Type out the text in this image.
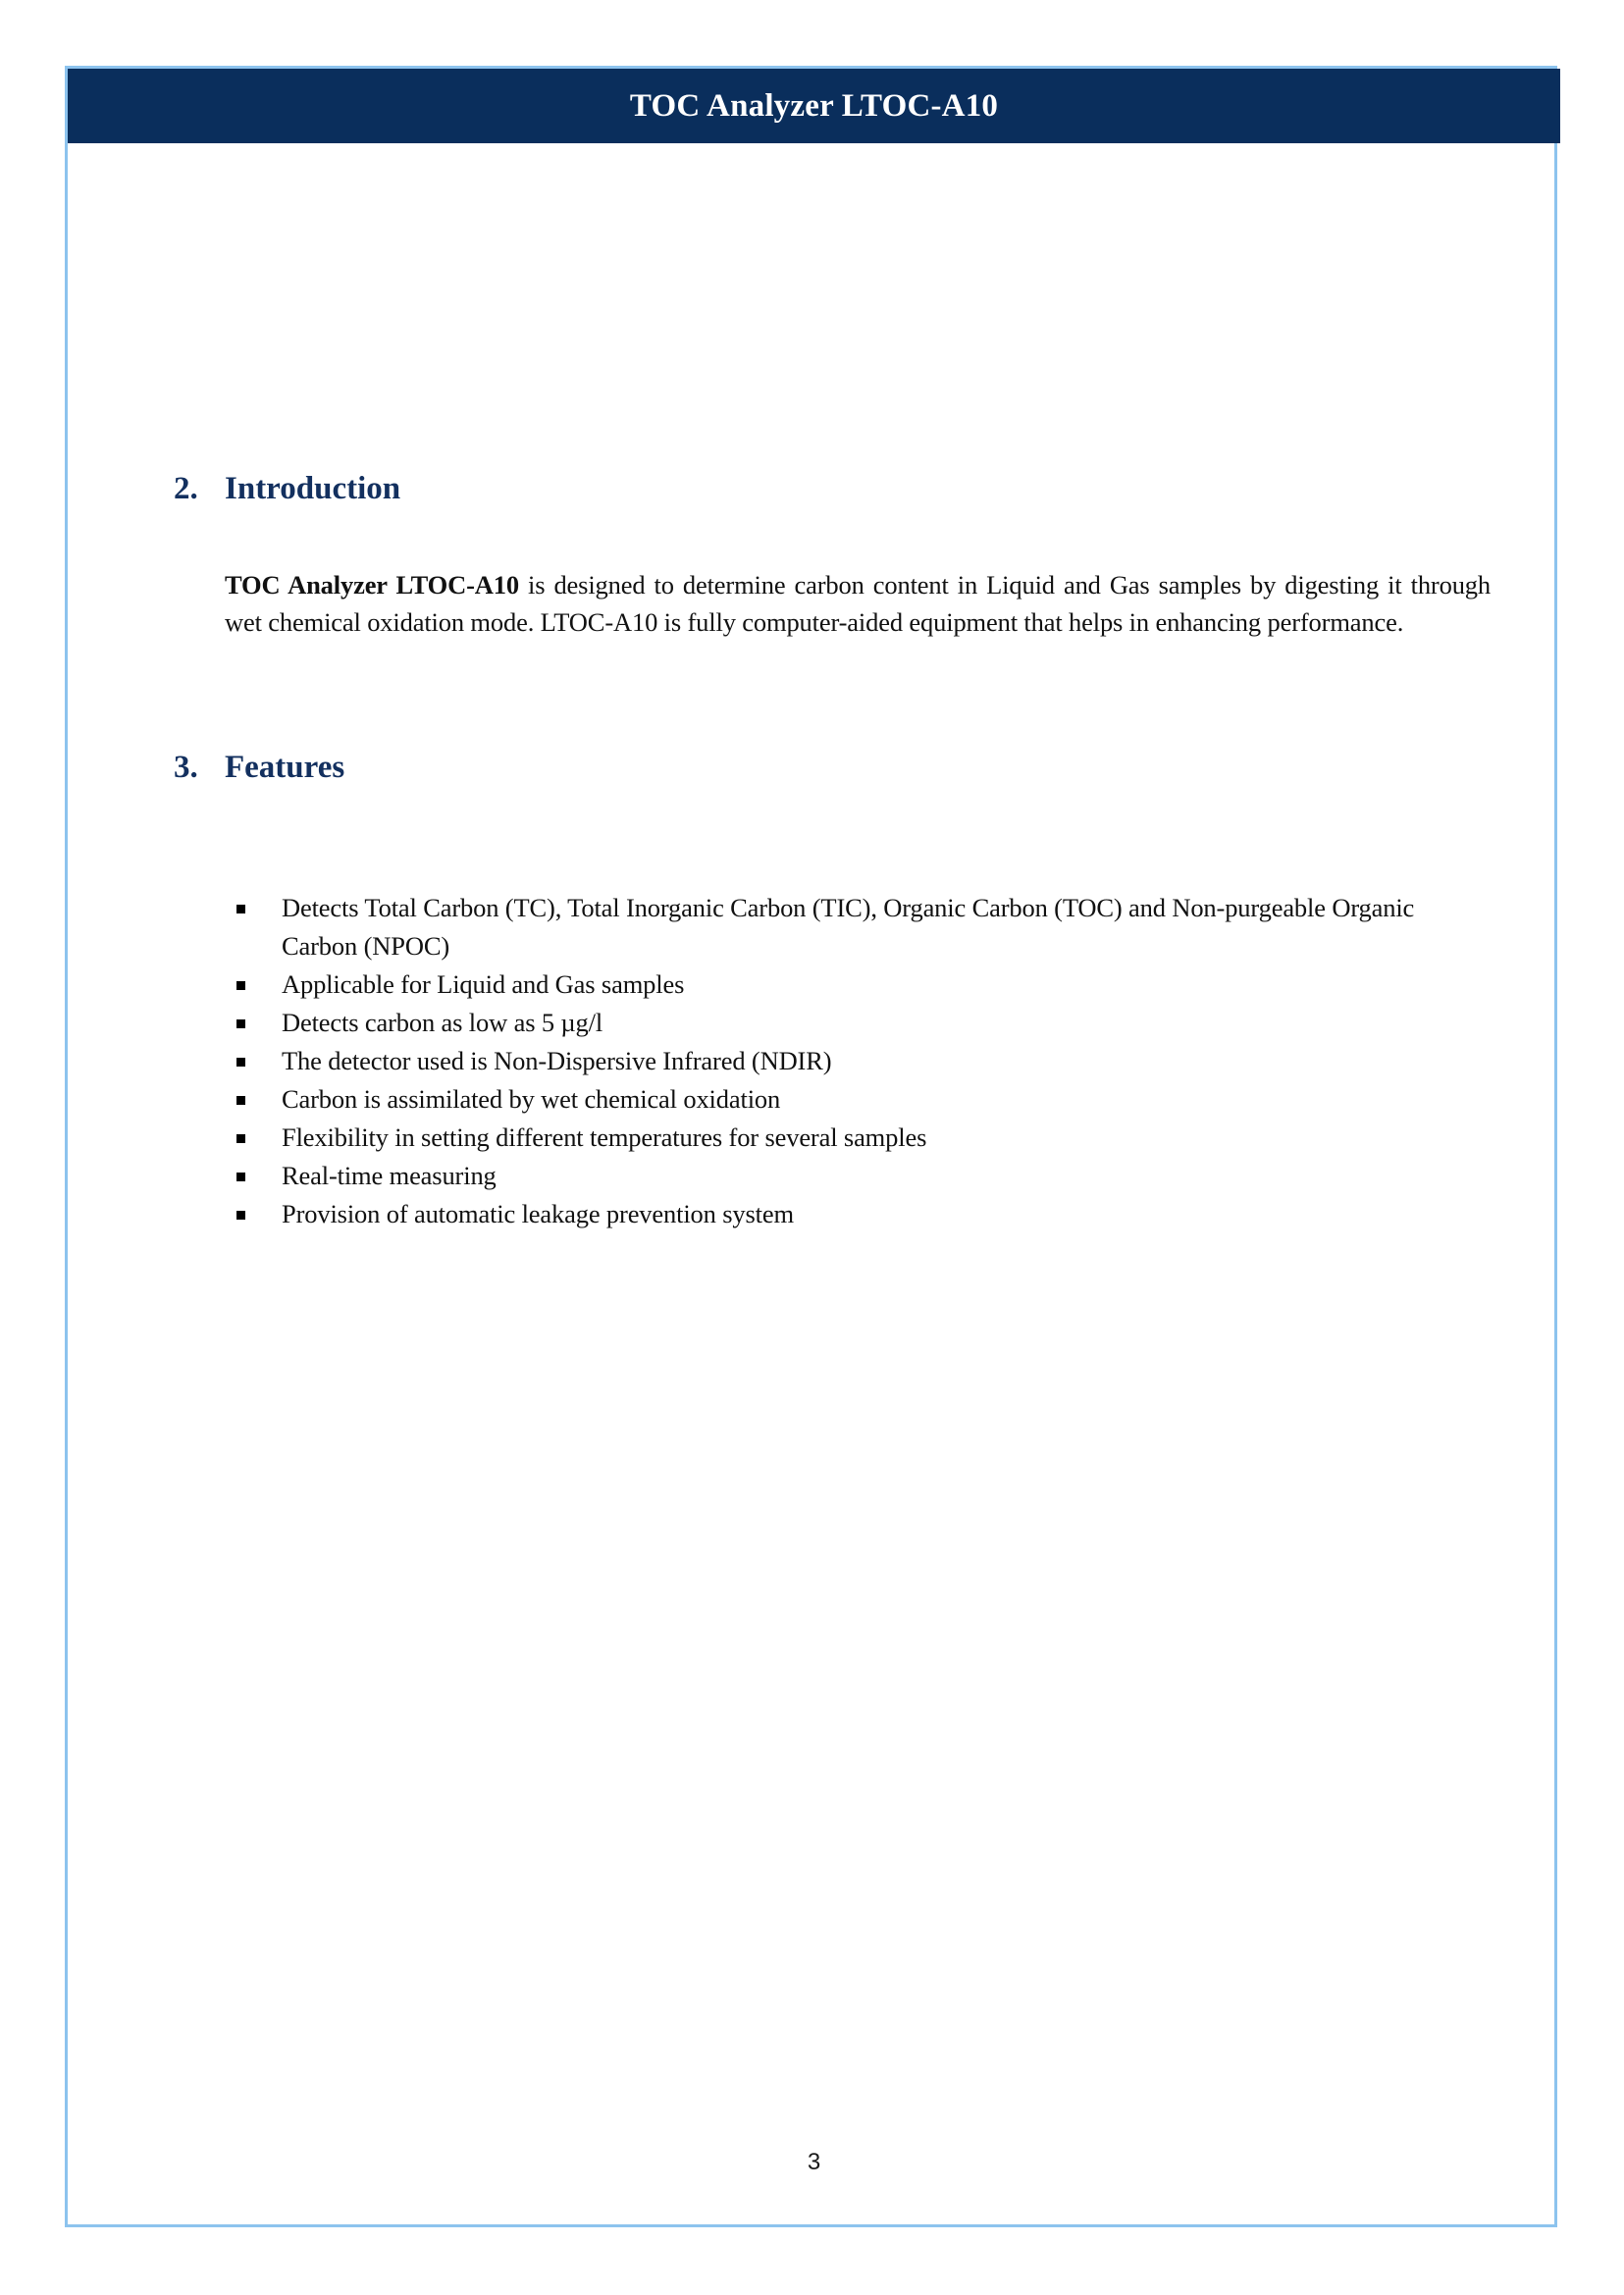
TOC Analyzer LTOC-A10
2. Introduction

TOC Analyzer LTOC-A10 is designed to determine carbon content in Liquid and Gas samples by digesting it through wet chemical oxidation mode. LTOC-A10 is fully computer-aided equipment that helps in enhancing performance.

3. Features
Detects Total Carbon (TC), Total Inorganic Carbon (TIC), Organic Carbon (TOC) and Non-purgeable Organic Carbon (NPOC)
Applicable for Liquid and Gas samples
Detects carbon as low as 5 µg/l
The detector used is Non-Dispersive Infrared (NDIR)
Carbon is assimilated by wet chemical oxidation
Flexibility in setting different temperatures for several samples
Real-time measuring
Provision of automatic leakage prevention system
3
